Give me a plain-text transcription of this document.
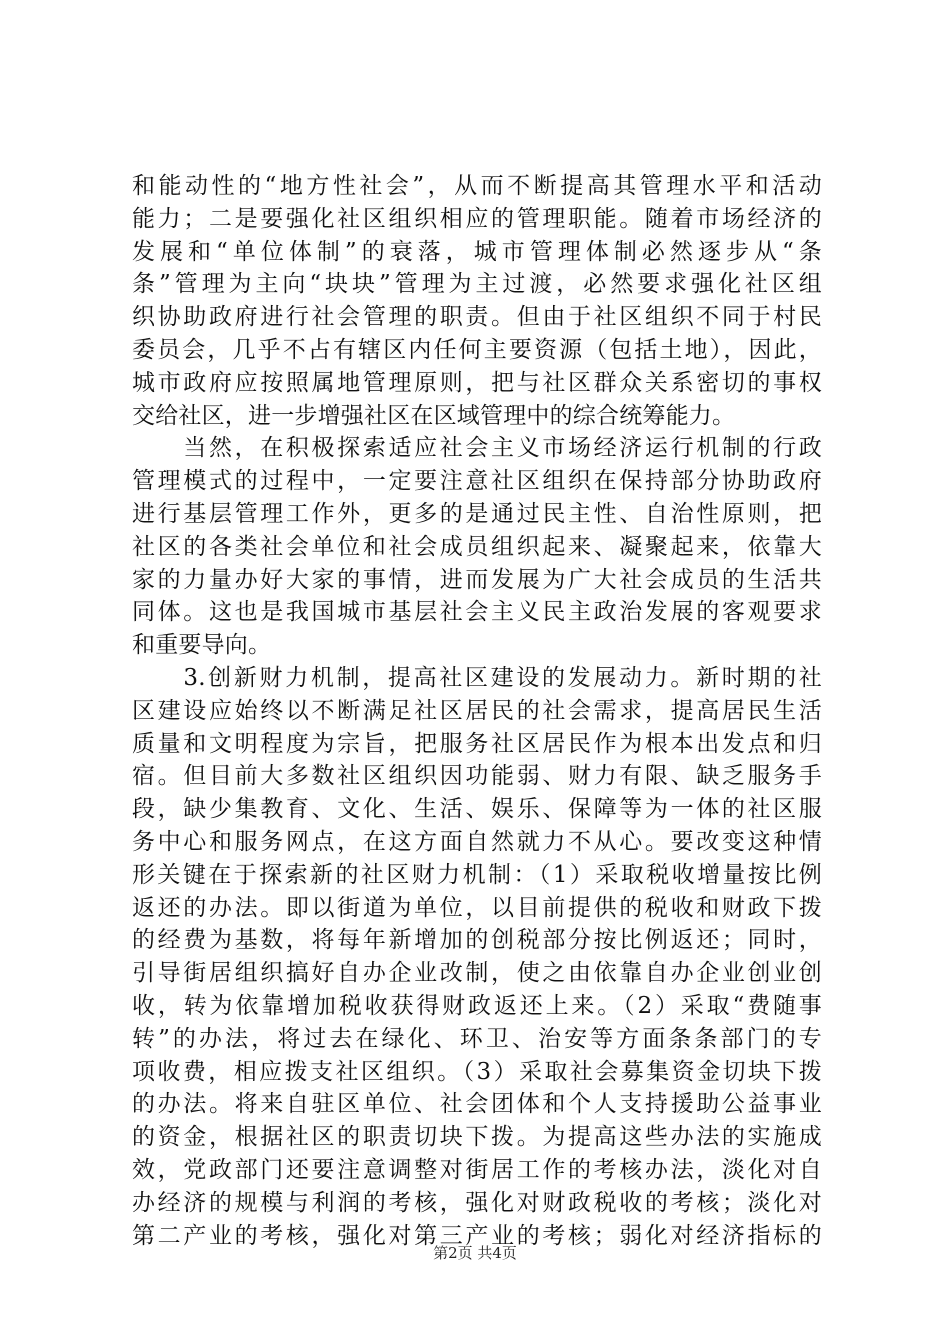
和能动性的“地方性社会”，从而不断提高其管理水平和活动
能力；二是要强化社区组织相应的管理职能。随着市场经济的
发展和“单位体制”的衰落，城市管理体制必然逐步从“条
条”管理为主向“块块”管理为主过渡，必然要求强化社区组
织协助政府进行社会管理的职责。但由于社区组织不同于村民
委员会，几乎不占有辖区内任何主要资源（包括土地），因此，
城市政府应按照属地管理原则，把与社区群众关系密切的事权
交给社区，进一步增强社区在区域管理中的综合统筹能力。
　　当然，在积极探索适应社会主义市场经济运行机制的行政
管理模式的过程中，一定要注意社区组织在保持部分协助政府
进行基层管理工作外，更多的是通过民主性、自治性原则，把
社区的各类社会单位和社会成员组织起来、凝聚起来，依靠大
家的力量办好大家的事情，进而发展为广大社会成员的生活共
同体。这也是我国城市基层社会主义民主政治发展的客观要求
和重要导向。
　　3.创新财力机制，提高社区建设的发展动力。新时期的社
区建设应始终以不断满足社区居民的社会需求，提高居民生活
质量和文明程度为宗旨，把服务社区居民作为根本出发点和归
宿。但目前大多数社区组织因功能弱、财力有限、缺乏服务手
段，缺少集教育、文化、生活、娱乐、保障等为一体的社区服
务中心和服务网点，在这方面自然就力不从心。要改变这种情
形关键在于探索新的社区财力机制：（1）采取税收增量按比例
返还的办法。即以街道为单位，以目前提供的税收和财政下拨
的经费为基数，将每年新增加的创税部分按比例返还；同时，
引导街居组织搞好自办企业改制，使之由依靠自办企业创业创
收，转为依靠增加税收获得财政返还上来。（2）采取“费随事
转”的办法，将过去在绿化、环卫、治安等方面条条部门的专
项收费，相应拨支社区组织。（3）采取社会募集资金切块下拨
的办法。将来自驻区单位、社会团体和个人支持援助公益事业
的资金，根据社区的职责切块下拨。为提高这些办法的实施成
效，党政部门还要注意调整对街居工作的考核办法，淡化对自
办经济的规模与利润的考核，强化对财政税收的考核；淡化对
第二产业的考核，强化对第三产业的考核；弱化对经济指标的
第2页 共4页
